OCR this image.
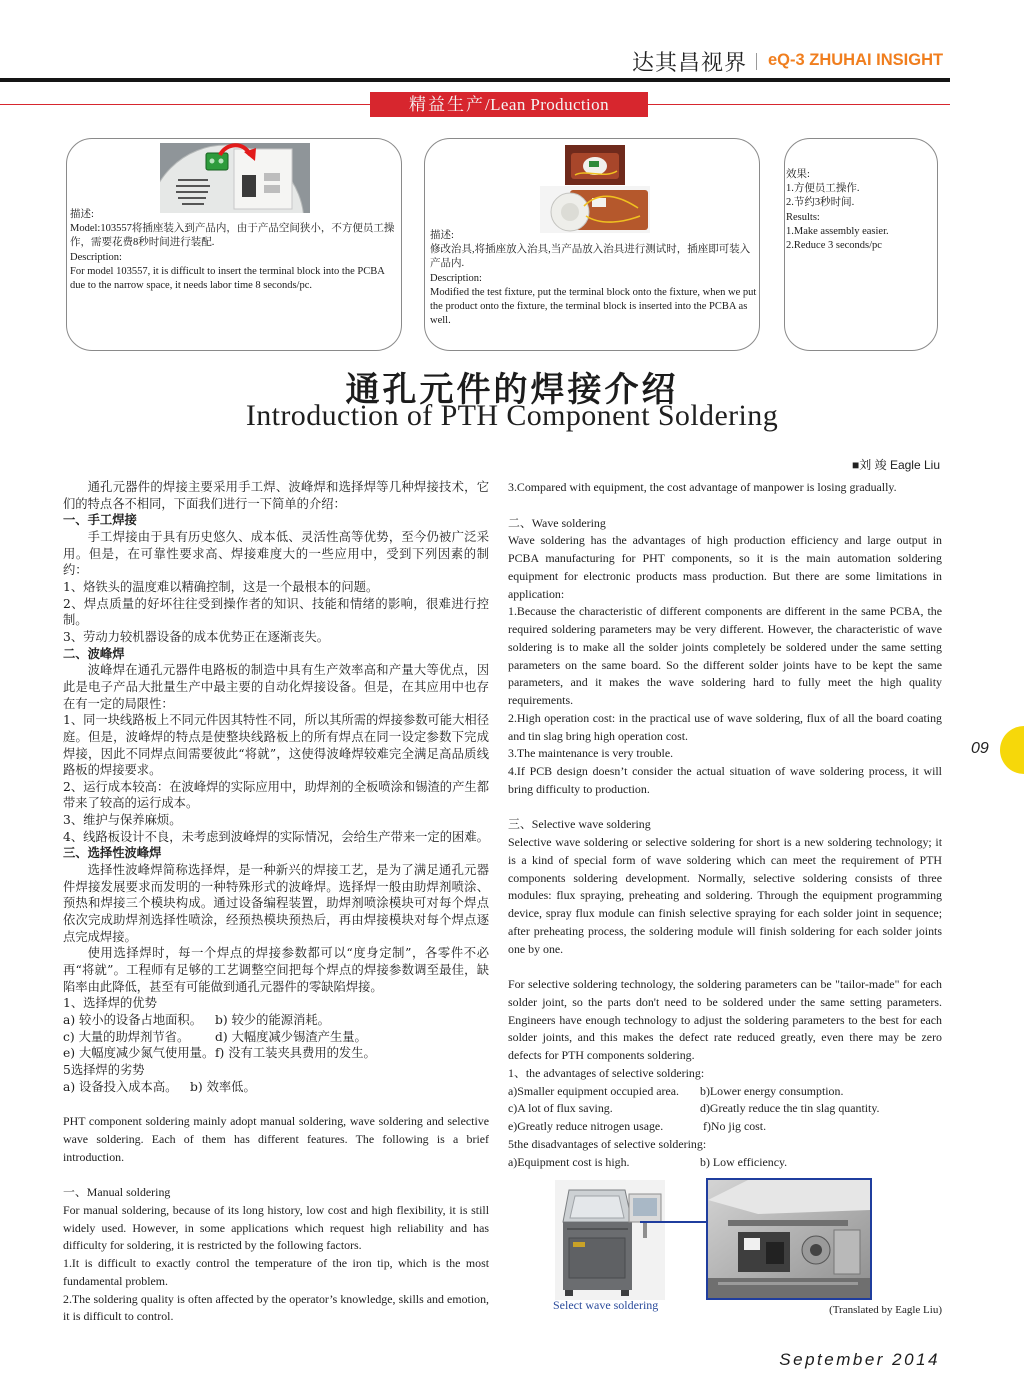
达其昌视界 eQ-3 ZHUHAI INSIGHT
精益生产/Lean Production

描述:

Model:103557将插座装入到产品内，由于产品空间狭小，不方便员工操作，需要花费8秒时间进行装配.

Description:

For model 103557, it is difficult to insert the terminal block into the PCBA due to the narrow space, it needs labor time 8 seconds/pc.

描述:

修改治具,将插座放入治具,当产品放入治具进行测试时，插座即可装入产品内.

Description:

Modified the test fixture, put the terminal block onto the fixture, when we put the product onto the fixture, the terminal block is inserted into the PCBA as well.

效果:

1.方便员工操作.

2.节约3秒时间.

Results:

1.Make assembly easier.

2.Reduce 3 seconds/pc

通孔元件的焊接介绍
Introduction of PTH Component Soldering
■刘 竣 Eagle Liu

通孔元器件的焊接主要采用手工焊、波峰焊和选择焊等几种焊接技术，它们的特点各不相同，下面我们进行一下简单的介绍：

一、手工焊接

手工焊接由于具有历史悠久、成本低、灵活性高等优势，至今仍被广泛采用。但是，在可靠性要求高、焊接难度大的一些应用中，受到下列因素的制约：

1、烙铁头的温度难以精确控制，这是一个最根本的问题。

2、焊点质量的好坏往往受到操作者的知识、技能和情绪的影响，很难进行控制。

3、劳动力较机器设备的成本优势正在逐渐丧失。

二、波峰焊

波峰焊在通孔元器件电路板的制造中具有生产效率高和产量大等优点，因此是电子产品大批量生产中最主要的自动化焊接设备。但是，在其应用中也存在有一定的局限性：

1、同一块线路板上不同元件因其特性不同，所以其所需的焊接参数可能大相径庭。但是，波峰焊的特点是使整块线路板上的所有焊点在同一设定参数下完成焊接，因此不同焊点间需要彼此“将就”，这使得波峰焊较难完全满足高品质线路板的焊接要求。

2、运行成本较高：在波峰焊的实际应用中，助焊剂的全板喷涂和锡渣的产生都带来了较高的运行成本。

3、维护与保养麻烦。

4、线路板设计不良，未考虑到波峰焊的实际情况，会给生产带来一定的困难。

三、选择性波峰焊

选择性波峰焊简称选择焊，是一种新兴的焊接工艺，是为了满足通孔元器件焊接发展要求而发明的一种特殊形式的波峰焊。选择焊一般由助焊剂喷涂、预热和焊接三个模块构成。通过设备编程装置，助焊剂喷涂模块可对每个焊点依次完成助焊剂选择性喷涂，经预热模块预热后，再由焊接模块对每个焊点逐点完成焊接。

使用选择焊时，每一个焊点的焊接参数都可以“度身定制”，各零件不必再“将就”。工程师有足够的工艺调整空间把每个焊点的焊接参数调至最佳，缺陷率由此降低，甚至有可能做到通孔元器件的零缺陷焊接。

1、选择焊的优势

a) 较小的设备占地面积。	b) 较少的能源消耗。
c) 大量的助焊剂节省。	d) 大幅度减少锡渣产生量。
e) 大幅度减少氮气使用量。 f) 没有工装夹具费用的发生。

5选择焊的劣势

a) 设备投入成本高。	b) 效率低。

PHT component soldering mainly adopt manual soldering, wave soldering and selective wave soldering. Each of them has different features. The following is a brief introduction.

一、Manual soldering

For manual soldering, because of its long history, low cost and high flexibility, it is still widely used. However, in some applications which request high reliability and has difficulty for soldering, it is restricted by the following factors.

1.It is difficult to exactly control the temperature of the iron tip, which is the most fundamental problem.

2.The soldering quality is often affected by the operator’s knowledge, skills and emotion, it is difficult to control.

3.Compared with equipment, the cost advantage of manpower is losing gradually.

二、Wave soldering

Wave soldering has the advantages of high production efficiency and large output in PCBA manufacturing for PHT components, so it is the main automation soldering equipment for electronic products mass production. But there are some limitations in application:

1.Because the characteristic of different components are different in the same PCBA, the required soldering parameters may be very different. However, the characteristic of wave soldering is to make all the solder joints completely be soldered under the same setting parameters on the same board. So the different solder joints have to be kept the same parameters, and it makes the wave soldering hard to fully meet the high quality requirements.

2.High operation cost: in the practical use of wave soldering, flux of all the board coating and tin slag bring high operation cost.

3.The maintenance is very trouble.

4.If PCB design doesn’t consider the actual situation of wave soldering process, it will bring difficulty to production.

三、Selective wave soldering

Selective wave soldering or selective soldering for short is a new soldering technology; it is a kind of special form of wave soldering which can meet the requirement of PTH components soldering development. Normally, selective soldering consists of three modules: flux spraying, preheating and soldering. Through the equipment programming device, spray flux module can finish selective spraying for each solder joint in sequence; after preheating process, the soldering module will finish soldering for each solder joints one by one.

For selective soldering technology, the soldering parameters can be "tailor-made" for each solder joint, so the parts don't need to be soldered under the same setting parameters. Engineers have enough technology to adjust the soldering parameters to the best for each solder joints, and this makes the defect rate reduced greatly, even there may be zero defects for PTH components soldering.

1、the advantages of selective soldering:

a)Smaller equipment occupied area.	b)Lower energy consumption.
c)A lot of flux saving.	d)Greatly reduce the tin slag quantity.
e)Greatly reduce nitrogen usage.	f)No jig cost.

5the disadvantages of selective soldering:

a)Equipment cost is high.	b) Low efficiency.
09
Select wave soldering	(Translated by Eagle Liu)
September 2014
